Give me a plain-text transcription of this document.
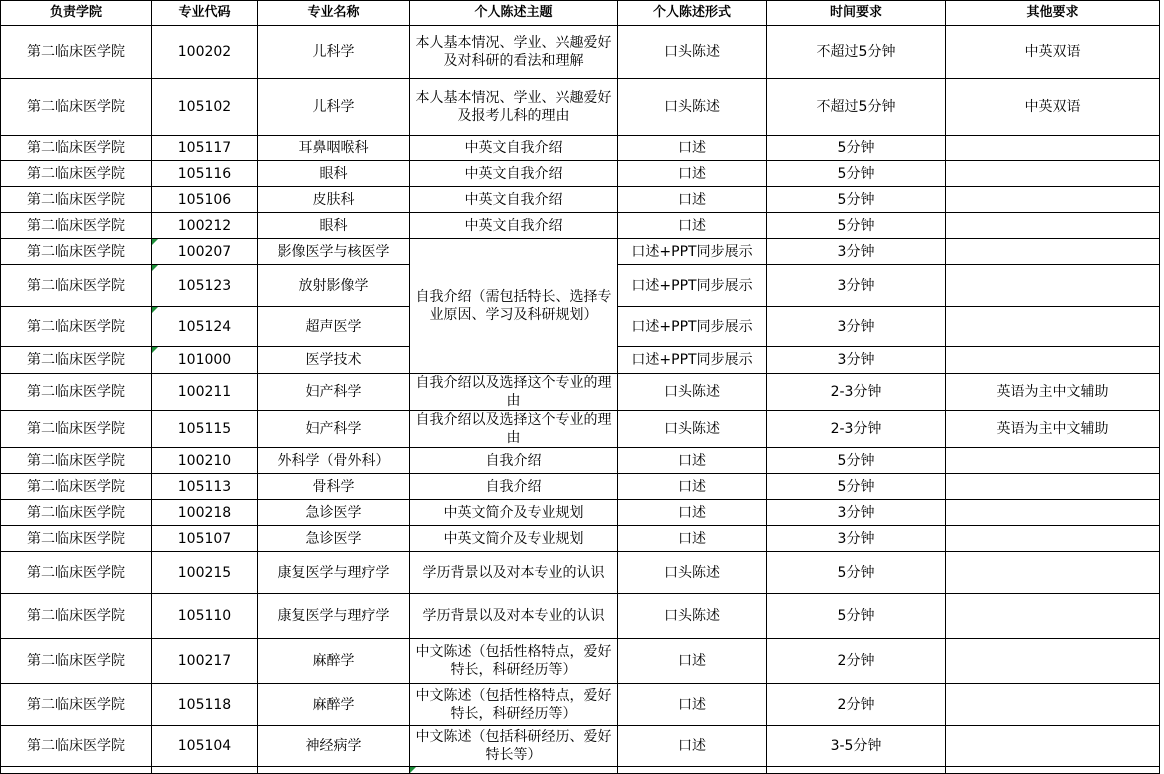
负责学院	专业代码	专业名称	个人陈述主题	个人陈述形式	时间要求	其他要求
第二临床医学院	100202	儿科学	本人基本情况、学业、兴趣爱好及对科研的看法和理解	口头陈述	不超过5分钟	中英双语
第二临床医学院	105102	儿科学	本人基本情况、学业、兴趣爱好及报考儿科的理由	口头陈述	不超过5分钟	中英双语
第二临床医学院	105117	耳鼻咽喉科	中英文自我介绍	口述	5分钟	
第二临床医学院	105116	眼科	中英文自我介绍	口述	5分钟	
第二临床医学院	105106	皮肤科	中英文自我介绍	口述	5分钟	
第二临床医学院	100212	眼科	中英文自我介绍	口述	5分钟	
第二临床医学院	100207	影像医学与核医学	自我介绍（需包括特长、选择专业原因、学习及科研规划）	口述+PPT同步展示	3分钟	
第二临床医学院	105123	放射影像学		口述+PPT同步展示	3分钟	
第二临床医学院	105124	超声医学		口述+PPT同步展示	3分钟	
第二临床医学院	101000	医学技术		口述+PPT同步展示	3分钟	
第二临床医学院	100211	妇产科学	自我介绍以及选择这个专业的理由	口头陈述	2-3分钟	英语为主中文辅助
第二临床医学院	105115	妇产科学	自我介绍以及选择这个专业的理由	口头陈述	2-3分钟	英语为主中文辅助
第二临床医学院	100210	外科学（骨外科）	自我介绍	口述	5分钟	
第二临床医学院	105113	骨科学	自我介绍	口述	5分钟	
第二临床医学院	100218	急诊医学	中英文简介及专业规划	口述	3分钟	
第二临床医学院	105107	急诊医学	中英文简介及专业规划	口述	3分钟	
第二临床医学院	100215	康复医学与理疗学	学历背景以及对本专业的认识	口头陈述	5分钟	
第二临床医学院	105110	康复医学与理疗学	学历背景以及对本专业的认识	口头陈述	5分钟	
第二临床医学院	100217	麻醉学	中文陈述（包括性格特点，爱好特长，科研经历等）	口述	2分钟	
第二临床医学院	105118	麻醉学	中文陈述（包括性格特点，爱好特长，科研经历等）	口述	2分钟	
第二临床医学院	105104	神经病学	中文陈述（包括科研经历、爱好特长等）	口述	3-5分钟	
